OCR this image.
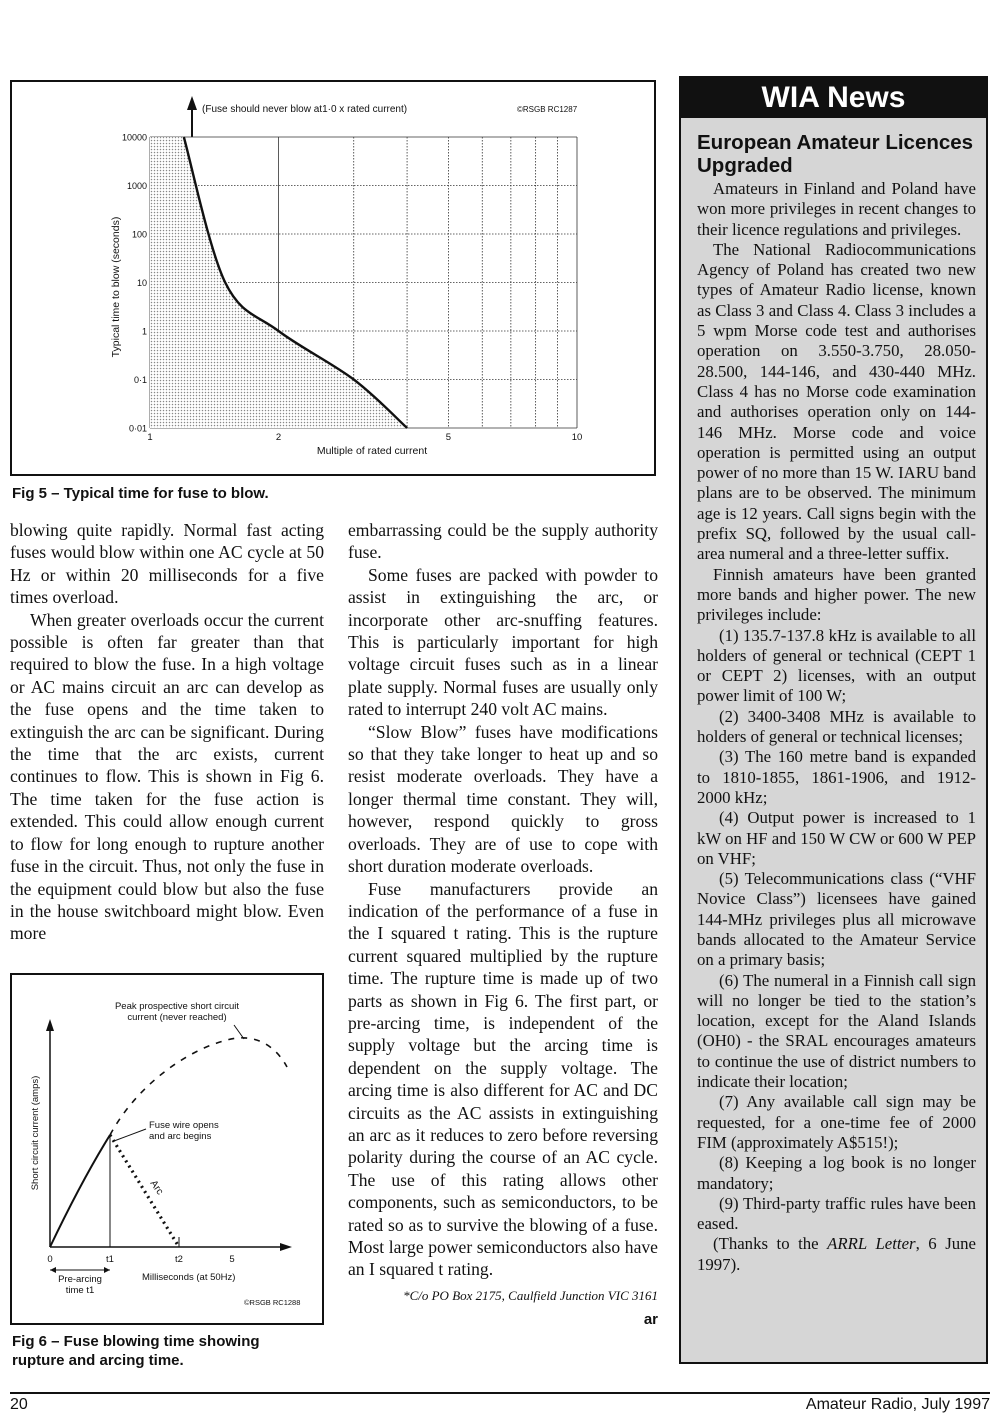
(Fuse should never blow at1·0 x rated current)	©RSGB RC1287
10000
1000
100
10
1
0·1
0·01
1	2	5	10
Typical time to blow (seconds)
Multiple of rated current
Fig 5 – Typical time for fuse to blow.

blowing quite rapidly. Normal fast acting fuses would blow within one AC cycle at 50 Hz or within 20 milliseconds for a five times overload.

When greater overloads occur the current possible is often far greater than that required to blow the fuse. In a high voltage or AC mains circuit an arc can develop as the fuse opens and the time taken to extinguish the arc can be significant. During the time that the arc exists, current continues to flow. This is shown in Fig 6. The time taken for the fuse action is extended. This could allow enough current to flow for long enough to rupture another fuse in the circuit. Thus, not only the fuse in the equipment could blow but also the fuse in the house switchboard might blow. Even more

Peak prospective short circuit
current (never reached)
Fuse wire opens
and arc begins
Arc
Short circuit current (amps)
0	t1	t2	5
Pre-arcing
time t1
Milliseconds (at 50Hz)
©RSGB RC1288
Fig 6 – Fuse blowing time showing
rupture and arcing time.

embarrassing could be the supply authority fuse.

Some fuses are packed with powder to assist in extinguishing the arc, or incorporate other arc-snuffing features. This is particularly important for high voltage circuit fuses such as in a linear plate supply. Normal fuses are usually only rated to interrupt 240 volt AC mains.

“Slow Blow” fuses have modifications so that they take longer to heat up and so resist moderate overloads. They have a longer thermal time constant. They will, however, respond quickly to gross overloads. They are of use to cope with short duration moderate overloads.

Fuse manufacturers provide an indication of the performance of a fuse in the I squared t rating. This is the rupture current squared multiplied by the rupture time. The rupture time is made up of two parts as shown in Fig 6. The first part, or pre-arcing time, is independent of the supply voltage but the arcing time is dependent on the supply voltage. The arcing time is also different for AC and DC circuits as the AC assists in extinguishing an arc as it reduces to zero before reversing polarity during the course of an AC cycle. The use of this rating allows other components, such as semiconductors, to be rated so as to survive the blowing of a fuse. Most large power semiconductors also have an I squared t rating.

*C/o PO Box 2175, Caulfield Junction VIC 3161
ar
WIA News
European Amateur Licences Upgraded

Amateurs in Finland and Poland have won more privileges in recent changes to their licence regulations and privileges.

The National Radiocommunications Agency of Poland has created two new types of Amateur Radio license, known as Class 3 and Class 4. Class 3 includes a 5 wpm Morse code test and authorises operation on 3.550-3.750, 28.050-28.500, 144-146, and 430-440 MHz. Class 4 has no Morse code examination and authorises operation only on 144-146 MHz. Morse code and voice operation is permitted using an output power of no more than 15 W. IARU band plans are to be observed. The minimum age is 12 years. Call signs begin with the prefix SQ, followed by the usual call-area numeral and a three-letter suffix.

Finnish amateurs have been granted more bands and higher power. The new privileges include:

(1) 135.7-137.8 kHz is available to all holders of general or technical (CEPT 1 or CEPT 2) licenses, with an output power limit of 100 W;

(2) 3400-3408 MHz is available to holders of general or technical licenses;

(3) The 160 metre band is expanded to 1810-1855, 1861-1906, and 1912-2000 kHz;

(4) Output power is increased to 1 kW on HF and 150 W CW or 600 W PEP on VHF;

(5) Telecommunications class (“VHF Novice Class”) licensees have gained 144-MHz privileges plus all microwave bands allocated to the Amateur Service on a primary basis;

(6) The numeral in a Finnish call sign will no longer be tied to the station’s location, except for the Aland Islands (OH0) - the SRAL encourages amateurs to continue the use of district numbers to indicate their location;

(7) Any available call sign may be requested, for a one-time fee of 2000 FIM (approximately A$515!);

(8) Keeping a log book is no longer mandatory;

(9) Third-party traffic rules have been eased.

(Thanks to the ARRL Letter, 6 June 1997).

20	Amateur Radio, July 1997
